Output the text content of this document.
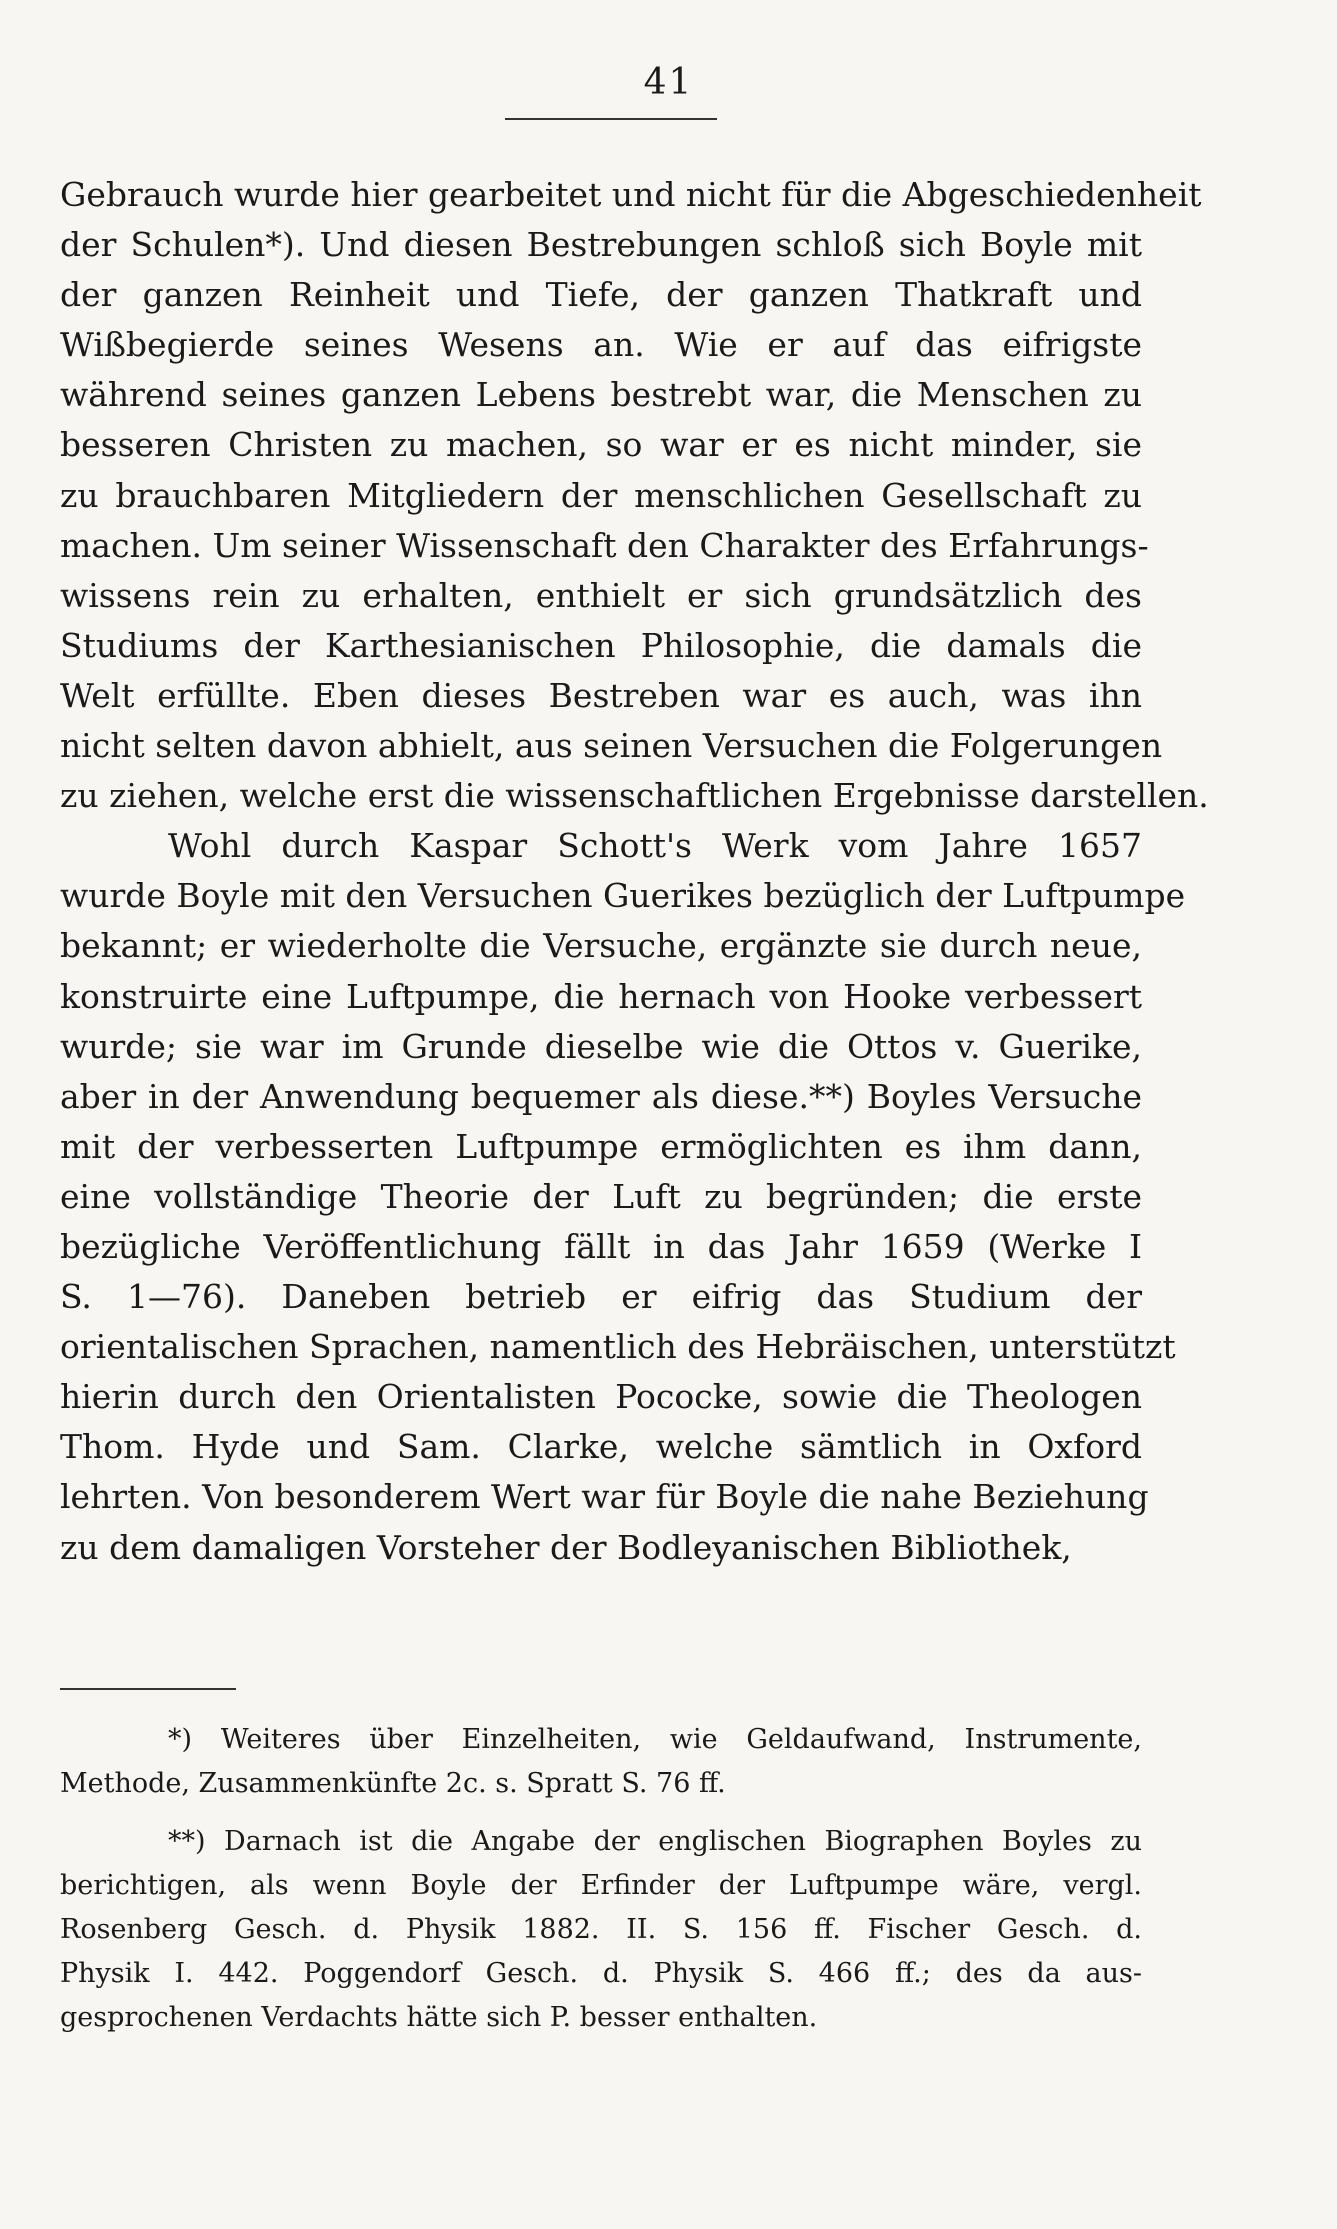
41
Gebrauch wurde hier gearbeitet und nicht für die Abgeschiedenheit
der Schulen*). Und diesen Bestrebungen schloß sich Boyle mit
der ganzen Reinheit und Tiefe, der ganzen Thatkraft und
Wißbegierde seines Wesens an. Wie er auf das eifrigste
während seines ganzen Lebens bestrebt war, die Menschen zu
besseren Christen zu machen, so war er es nicht minder, sie
zu brauchbaren Mitgliedern der menschlichen Gesellschaft zu
machen. Um seiner Wissenschaft den Charakter des Erfahrungs-
wissens rein zu erhalten, enthielt er sich grundsätzlich des
Studiums der Karthesianischen Philosophie, die damals die
Welt erfüllte. Eben dieses Bestreben war es auch, was ihn
nicht selten davon abhielt, aus seinen Versuchen die Folgerungen
zu ziehen, welche erst die wissenschaftlichen Ergebnisse darstellen.
Wohl durch Kaspar Schott's Werk vom Jahre 1657
wurde Boyle mit den Versuchen Guerikes bezüglich der Luftpumpe
bekannt; er wiederholte die Versuche, ergänzte sie durch neue,
konstruirte eine Luftpumpe, die hernach von Hooke verbessert
wurde; sie war im Grunde dieselbe wie die Ottos v. Guerike,
aber in der Anwendung bequemer als diese.**) Boyles Versuche
mit der verbesserten Luftpumpe ermöglichten es ihm dann,
eine vollständige Theorie der Luft zu begründen; die erste
bezügliche Veröffentlichung fällt in das Jahr 1659 (Werke I
S. 1—76). Daneben betrieb er eifrig das Studium der
orientalischen Sprachen, namentlich des Hebräischen, unterstützt
hierin durch den Orientalisten Pococke, sowie die Theologen
Thom. Hyde und Sam. Clarke, welche sämtlich in Oxford
lehrten. Von besonderem Wert war für Boyle die nahe Beziehung
zu dem damaligen Vorsteher der Bodleyanischen Bibliothek,
*) Weiteres über Einzelheiten, wie Geldaufwand, Instrumente,
Methode, Zusammenkünfte 2c. s. Spratt S. 76 ff.
**) Darnach ist die Angabe der englischen Biographen Boyles zu
berichtigen, als wenn Boyle der Erfinder der Luftpumpe wäre, vergl.
Rosenberg Gesch. d. Physik 1882. II. S. 156 ff. Fischer Gesch. d.
Physik I. 442. Poggendorf Gesch. d. Physik S. 466 ff.; des da aus-
gesprochenen Verdachts hätte sich P. besser enthalten.
